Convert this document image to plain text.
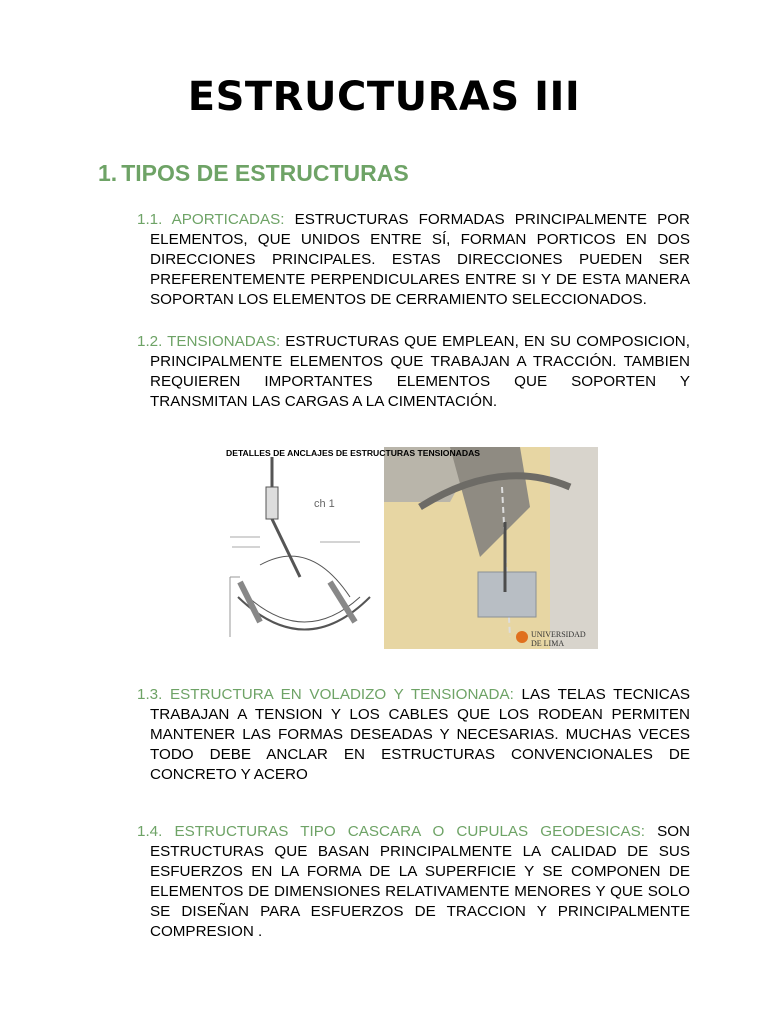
ESTRUCTURAS III
1. TIPOS DE ESTRUCTURAS

1.1. APORTICADAS: ESTRUCTURAS FORMADAS PRINCIPALMENTE POR ELEMENTOS, QUE UNIDOS ENTRE SÍ, FORMAN PORTICOS EN DOS DIRECCIONES PRINCIPALES. ESTAS DIRECCIONES PUEDEN SER PREFERENTEMENTE PERPENDICULARES ENTRE SI Y DE ESTA MANERA SOPORTAN LOS ELEMENTOS DE CERRAMIENTO SELECCIONADOS.

1.2. TENSIONADAS: ESTRUCTURAS QUE EMPLEAN, EN SU COMPOSICION, PRINCIPALMENTE ELEMENTOS QUE TRABAJAN A TRACCIÓN. TAMBIEN REQUIEREN IMPORTANTES ELEMENTOS QUE SOPORTEN Y TRANSMITAN LAS CARGAS A LA CIMENTACIÓN.

ch 1
DETALLES DE ANCLAJES DE ESTRUCTURAS TENSIONADAS
UNIVERSIDAD
DE LIMA

1.3. ESTRUCTURA EN VOLADIZO Y TENSIONADA: LAS TELAS TECNICAS TRABAJAN A TENSION Y LOS CABLES QUE LOS RODEAN PERMITEN MANTENER LAS FORMAS DESEADAS Y NECESARIAS. MUCHAS VECES TODO DEBE ANCLAR EN ESTRUCTURAS CONVENCIONALES DE CONCRETO Y ACERO

1.4. ESTRUCTURAS TIPO CASCARA O CUPULAS GEODESICAS: SON ESTRUCTURAS QUE BASAN PRINCIPALMENTE LA CALIDAD DE SUS ESFUERZOS EN LA FORMA DE LA SUPERFICIE Y SE COMPONEN DE ELEMENTOS DE DIMENSIONES RELATIVAMENTE MENORES Y QUE SOLO SE DISEÑAN PARA ESFUERZOS DE TRACCION Y PRINCIPALMENTE COMPRESION .
